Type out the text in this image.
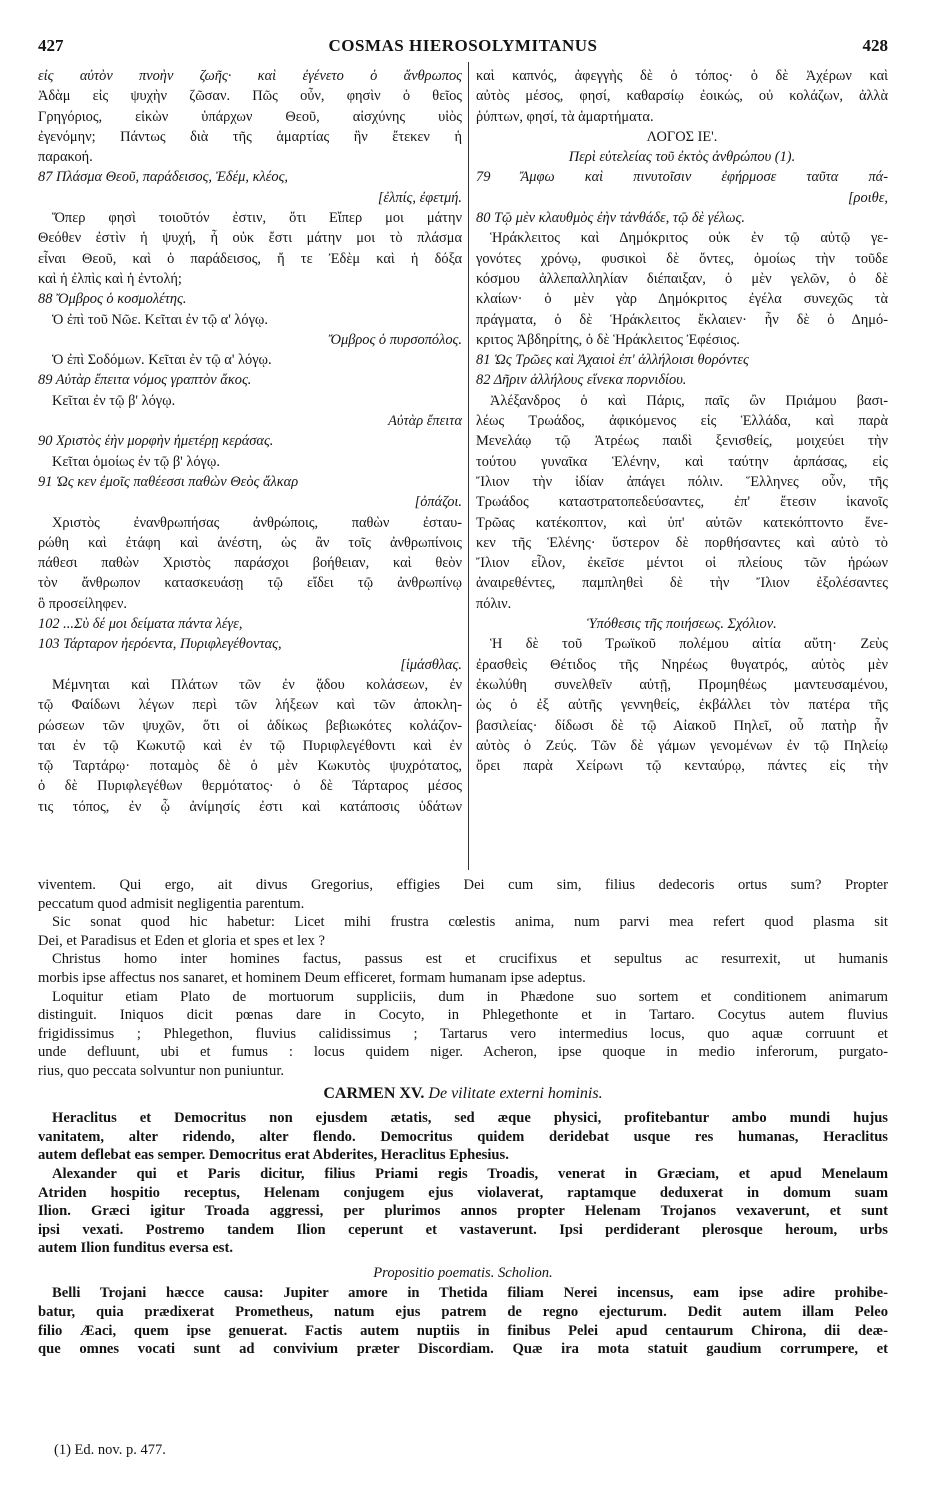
427	COSMAS HIEROSOLYMITANUS	428
εἰς αὐτὸν πνοὴν ζωῆς· καὶ ἐγένετο ὁ ἄνθρωπος
Ἀδὰμ εἰς ψυχὴν ζῶσαν. Πῶς οὖν, φησὶν ὁ θεῖος
Γρηγόριος, εἰκὼν ὑπάρχων Θεοῦ, αἰσχύνης υἱὸς
ἐγενόμην; Πάντως διὰ τῆς ἁμαρτίας ἣν ἔτεκεν ἡ
παρακοή.
87 Πλάσμα Θεοῦ, παράδεισος, Ἐδέμ, κλέος,
[ἐλπίς, ἐφετμή.
Ὅπερ φησὶ τοιοῦτόν ἐστιν, ὅτι Εἴπερ μοι μάτην
Θεόθεν ἐστὶν ἡ ψυχή, ἦ οὐκ ἔστι μάτην μοι τὸ πλάσμα
εἶναι Θεοῦ, καὶ ὁ παράδεισος, ἤ τε Ἐδὲμ καὶ ἡ δόξα
καὶ ἡ ἐλπὶς καὶ ἡ ἐντολή;
88 Ὄμβρος ὁ κοσμολέτης.
Ὁ ἐπὶ τοῦ Νῶε. Κεῖται ἐν τῷ α' λόγῳ.
Ὄμβρος ὁ πυρσοπόλος.
Ὁ ἐπὶ Σοδόμων. Κεῖται ἐν τῷ α' λόγῳ.
89 Αὐτὰρ ἔπειτα νόμος γραπτὸν ἄκος.
Κεῖται ἐν τῷ β' λόγῳ.
Αὐτὰρ ἔπειτα
90 Χριστὸς ἑὴν μορφὴν ἡμετέρῃ κεράσας.
Κεῖται ὁμοίως ἐν τῷ β' λόγῳ.
91 Ὡς κεν ἐμοῖς παθέεσσι παθὼν Θεὸς ἄλκαρ
[ὀπάζοι.
Χριστὸς ἐνανθρωπήσας ἀνθρώποις, παθὼν ἐσταυ-
ρώθη καὶ ἐτάφη καὶ ἀνέστη, ὡς ἂν τοῖς ἀνθρωπίνοις
πάθεσι παθὼν Χριστὸς παράσχοι βοήθειαν, καὶ θεὸν
τὸν ἄνθρωπον κατασκευάσῃ τῷ εἴδει τῷ ἀνθρωπίνῳ
ὃ προσείληφεν.
102 ...Σὺ δέ μοι δείματα πάντα λέγε,
103 Τάρταρον ἠερόεντα, Πυριφλεγέθοντας,
[ἱμάσθλας.
Μέμνηται καὶ Πλάτων τῶν ἐν ᾅδου κολάσεων, ἐν
τῷ Φαίδωνι λέγων περὶ τῶν λήξεων καὶ τῶν ἀποκλη-
ρώσεων τῶν ψυχῶν, ὅτι οἱ ἀδίκως βεβιωκότες κολάζον-
ται ἐν τῷ Κωκυτῷ καὶ ἐν τῷ Πυριφλεγέθοντι καὶ ἐν
τῷ Ταρτάρῳ· ποταμὸς δὲ ὁ μὲν Κωκυτὸς ψυχρότατος,
ὁ δὲ Πυριφλεγέθων θερμότατος· ὁ δὲ Τάρταρος μέσος
τις τόπος, ἐν ᾧ ἀνίμησίς ἐστι καὶ κατάποσις ὑδάτων
καὶ καπνός, ἀφεγγὴς δὲ ὁ τόπος· ὁ δὲ Ἀχέρων καὶ
αὐτὸς μέσος, φησί, καθαρσίῳ ἐοικώς, οὐ κολάζων, ἀλλὰ
ῥύπτων, φησί, τὰ ἁμαρτήματα.
ΛΟΓΟΣ ΙΕ'.
Περὶ εὐτελείας τοῦ ἐκτὸς ἀνθρώπου (1).
79 Ἄμφω καὶ πινυτοῖσιν ἐφήρμοσε ταῦτα πά-
[ροιθε,
80 Τῷ μὲν κλαυθμὸς ἐὴν τἀνθάδε, τῷ δὲ γέλως.
Ἡράκλειτος καὶ Δημόκριτος οὐκ ἐν τῷ αὐτῷ γε-
γονότες χρόνῳ, φυσικοὶ δὲ ὄντες, ὁμοίως τὴν τοῦδε
κόσμου ἀλλεπαλληλίαν διέπαιξαν, ὁ μὲν γελῶν, ὁ δὲ
κλαίων· ὁ μὲν γὰρ Δημόκριτος ἐγέλα συνεχῶς τὰ
πράγματα, ὁ δὲ Ἡράκλειτος ἔκλαιεν· ἦν δὲ ὁ Δημό-
κριτος Ἀβδηρίτης, ὁ δὲ Ἡράκλειτος Ἐφέσιος.
81 Ὡς Τρῶες καὶ Ἀχαιοὶ ἐπ' ἀλλήλοισι θορόντες
82 Δῆριν ἀλλήλους εἵνεκα πορνιδίου.
Ἀλέξανδρος ὁ καὶ Πάρις, παῖς ὢν Πριάμου βασι-
λέως Τρωάδος, ἀφικόμενος εἰς Ἑλλάδα, καὶ παρὰ
Μενελάῳ τῷ Ἀτρέως παιδὶ ξενισθείς, μοιχεύει τὴν
τούτου γυναῖκα Ἑλένην, καὶ ταύτην ἁρπάσας, εἰς
Ἴλιον τὴν ἰδίαν ἀπάγει πόλιν. Ἕλληνες οὖν, τῆς
Τρωάδος καταστρατοπεδεύσαντες, ἐπ' ἔτεσιν ἱκανοῖς
Τρῶας κατέκοπτον, καὶ ὑπ' αὐτῶν κατεκόπτοντο ἕνε-
κεν τῆς Ἑλένης· ὕστερον δὲ πορθήσαντες καὶ αὐτὸ τὸ
Ἴλιον εἷλον, ἐκεῖσε μέντοι οἱ πλείους τῶν ἡρώων
ἀναιρεθέντες, παμπληθεὶ δὲ τὴν Ἴλιον ἐξολέσαντες
πόλιν.
Ὑπόθεσις τῆς ποιήσεως. Σχόλιον.
Ἡ δὲ τοῦ Τρωϊκοῦ πολέμου αἰτία αὕτη· Ζεὺς
ἐρασθεὶς Θέτιδος τῆς Νηρέως θυγατρός, αὐτὸς μὲν
ἐκωλύθη συνελθεῖν αὐτῇ, Προμηθέως μαντευσαμένου,
ὡς ὁ ἐξ αὐτῆς γεννηθείς, ἐκβάλλει τὸν πατέρα τῆς
βασιλείας· δίδωσι δὲ τῷ Αἰακοῦ Πηλεῖ, οὗ πατὴρ ἦν
αὐτὸς ὁ Ζεύς. Τῶν δὲ γάμων γενομένων ἐν τῷ Πηλείῳ
ὄρει παρὰ Χείρωνι τῷ κενταύρῳ, πάντες εἰς τὴν
viventem. Qui ergo, ait divus Gregorius, effigies Dei cum sim, filius dedecoris ortus sum? Propter
peccatum quod admisit negligentia parentum.
Sic sonat quod hic habetur: Licet mihi frustra cœlestis anima, num parvi mea refert quod plasma sit
Dei, et Paradisus et Eden et gloria et spes et lex ?
Christus homo inter homines factus, passus est et crucifixus et sepultus ac resurrexit, ut humanis
morbis ipse affectus nos sanaret, et hominem Deum efficeret, formam humanam ipse adeptus.
Loquitur etiam Plato de mortuorum suppliciis, dum in Phædone suo sortem et conditionem animarum
distinguit. Iniquos dicit pœnas dare in Cocyto, in Phlegethonte et in Tartaro. Cocytus autem fluvius
frigidissimus ; Phlegethon, fluvius calidissimus ; Tartarus vero intermedius locus, quo aquæ corruunt et
unde defluunt, ubi et fumus : locus quidem niger. Acheron, ipse quoque in medio inferorum, purgato-
rius, quo peccata solvuntur non puniuntur.
CARMEN XV. De vilitate externi hominis.
Heraclitus et Democritus non ejusdem ætatis, sed æque physici, profitebantur ambo mundi hujus
vanitatem, alter ridendo, alter flendo. Democritus quidem deridebat usque res humanas, Heraclitus
autem deflebat eas semper. Democritus erat Abderites, Heraclitus Ephesius.
Alexander qui et Paris dicitur, filius Priami regis Troadis, venerat in Græciam, et apud Menelaum
Atriden hospitio receptus, Helenam conjugem ejus violaverat, raptamque deduxerat in domum suam
Ilion. Græci igitur Troada aggressi, per plurimos annos propter Helenam Trojanos vexaverunt, et sunt
ipsi vexati. Postremo tandem Ilion ceperunt et vastaverunt. Ipsi perdiderant plerosque heroum, urbs
autem Ilion funditus eversa est.
Propositio poematis. Scholion.
Belli Trojani hæcce causa: Jupiter amore in Thetida filiam Nerei incensus, eam ipse adire prohibe-
batur, quia prædixerat Prometheus, natum ejus patrem de regno ejecturum. Dedit autem illam Peleo
filio Æaci, quem ipse genuerat. Factis autem nuptiis in finibus Pelei apud centaurum Chirona, dii deæ-
que omnes vocati sunt ad convivium præter Discordiam. Quæ ira mota statuit gaudium corrumpere, et
(1) Ed. nov. p. 477.
